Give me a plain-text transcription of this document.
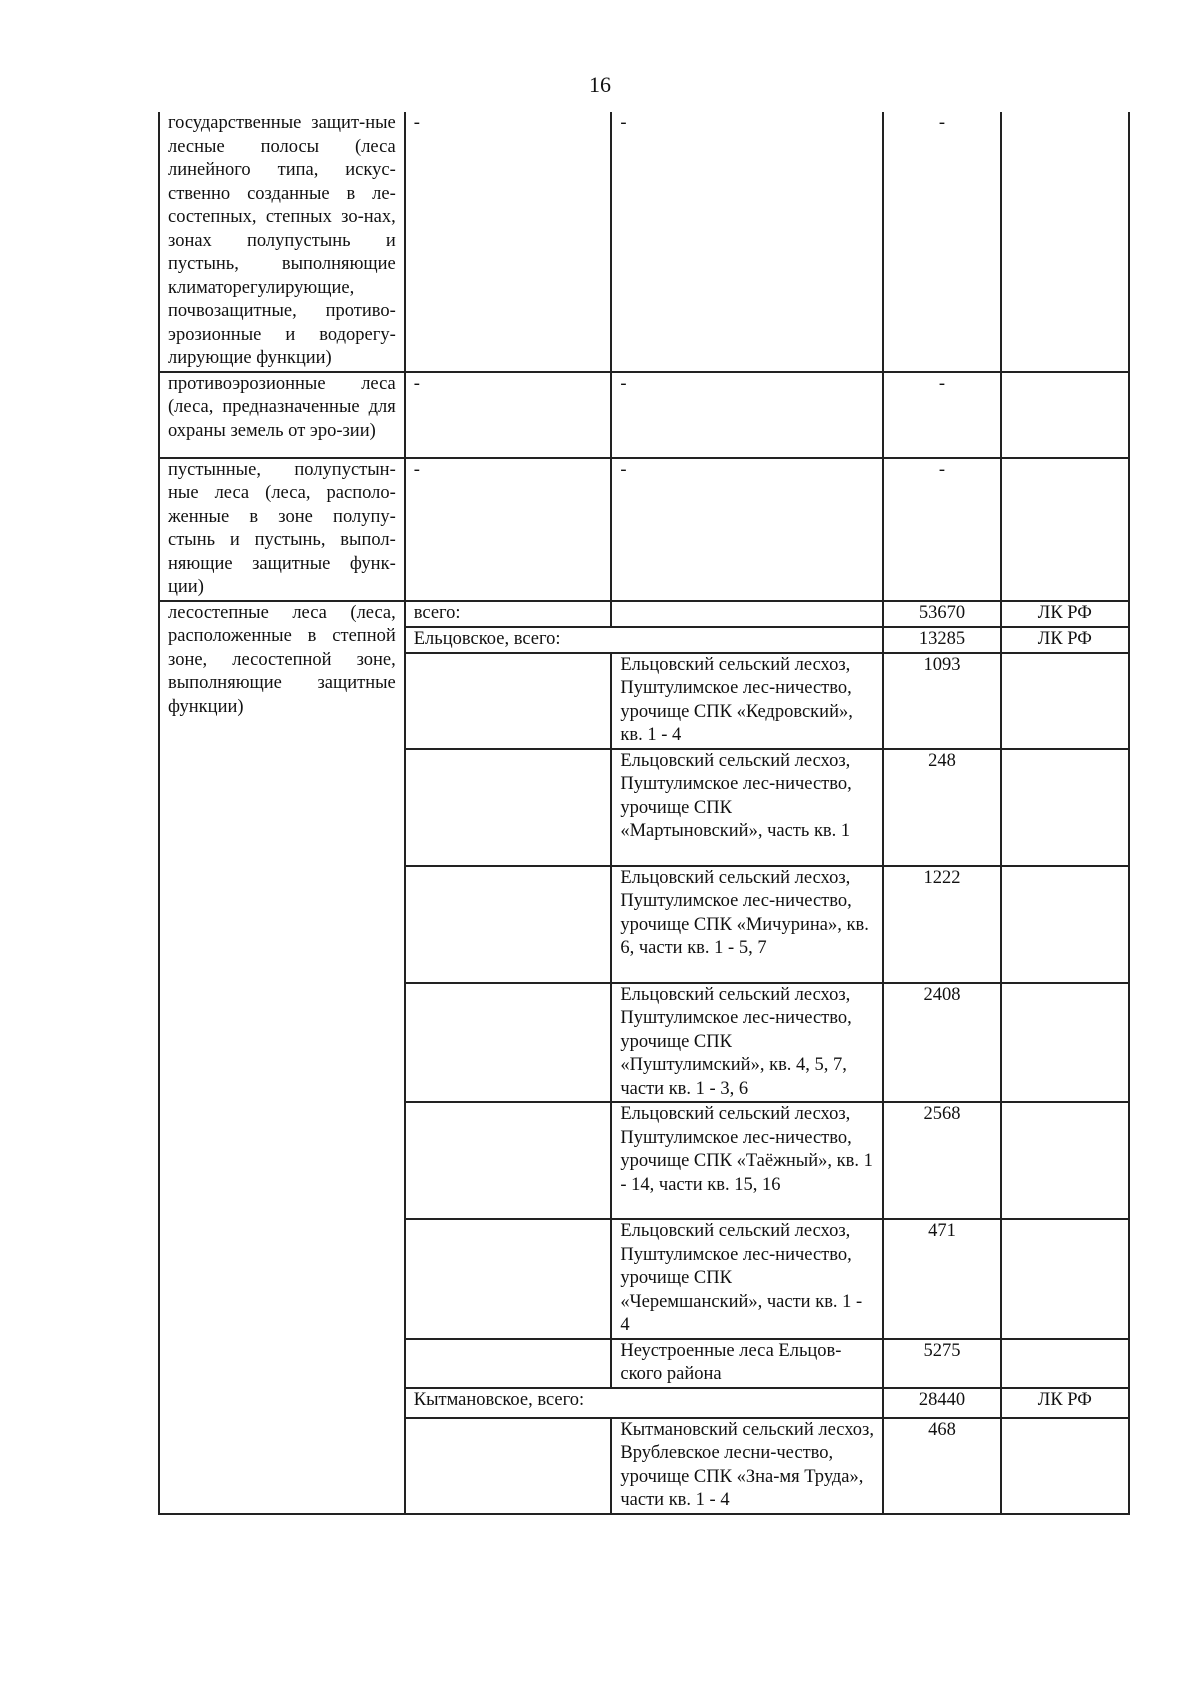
16
государственные защит-ные лесные полосы (леса линейного типа, искус-ственно созданные в ле-состепных, степных зо-нах, зонах полупустынь и пустынь, выполняющие климаторегулирующие, почвозащитные, противо-эрозионные и водорегу-лирующие функции)	-	-	-	
противоэрозионные леса (леса, предназначенные для охраны земель от эро-зии)	-	-	-	
пустынные, полупустын-ные леса (леса, располо-женные в зоне полупу-стынь и пустынь, выпол-няющие защитные функ-ции)	-	-	-	
лесостепные леса (леса, расположенные в степной зоне, лесостепной зоне, выполняющие защитные функции)	всего:		53670	ЛК РФ
	Ельцовское, всего:		13285	ЛК РФ
		Ельцовский сельский лесхоз, Пуштулимское лес-ничество, урочище СПК «Кедровский», кв. 1 - 4	1093	
		Ельцовский сельский лесхоз, Пуштулимское лес-ничество, урочище СПК «Мартыновский», часть кв. 1	248	
		Ельцовский сельский лесхоз, Пуштулимское лес-ничество, урочище СПК «Мичурина», кв. 6, части кв. 1 - 5, 7	1222	
		Ельцовский сельский лесхоз, Пуштулимское лес-ничество, урочище СПК «Пуштулимский», кв. 4, 5, 7, части кв. 1 - 3, 6	2408	
		Ельцовский сельский лесхоз, Пуштулимское лес-ничество, урочище СПК «Таёжный», кв. 1 - 14, части кв. 15, 16	2568	
		Ельцовский сельский лесхоз, Пуштулимское лес-ничество, урочище СПК «Черемшанский», части кв. 1 - 4	471	
		Неустроенные леса Ельцов-ского района	5275	
	Кытмановское, всего:		28440	ЛК РФ
		Кытмановский сельский лесхоз, Врублевское лесни-чество, урочище СПК «Зна-мя Труда», части кв. 1 - 4	468	
